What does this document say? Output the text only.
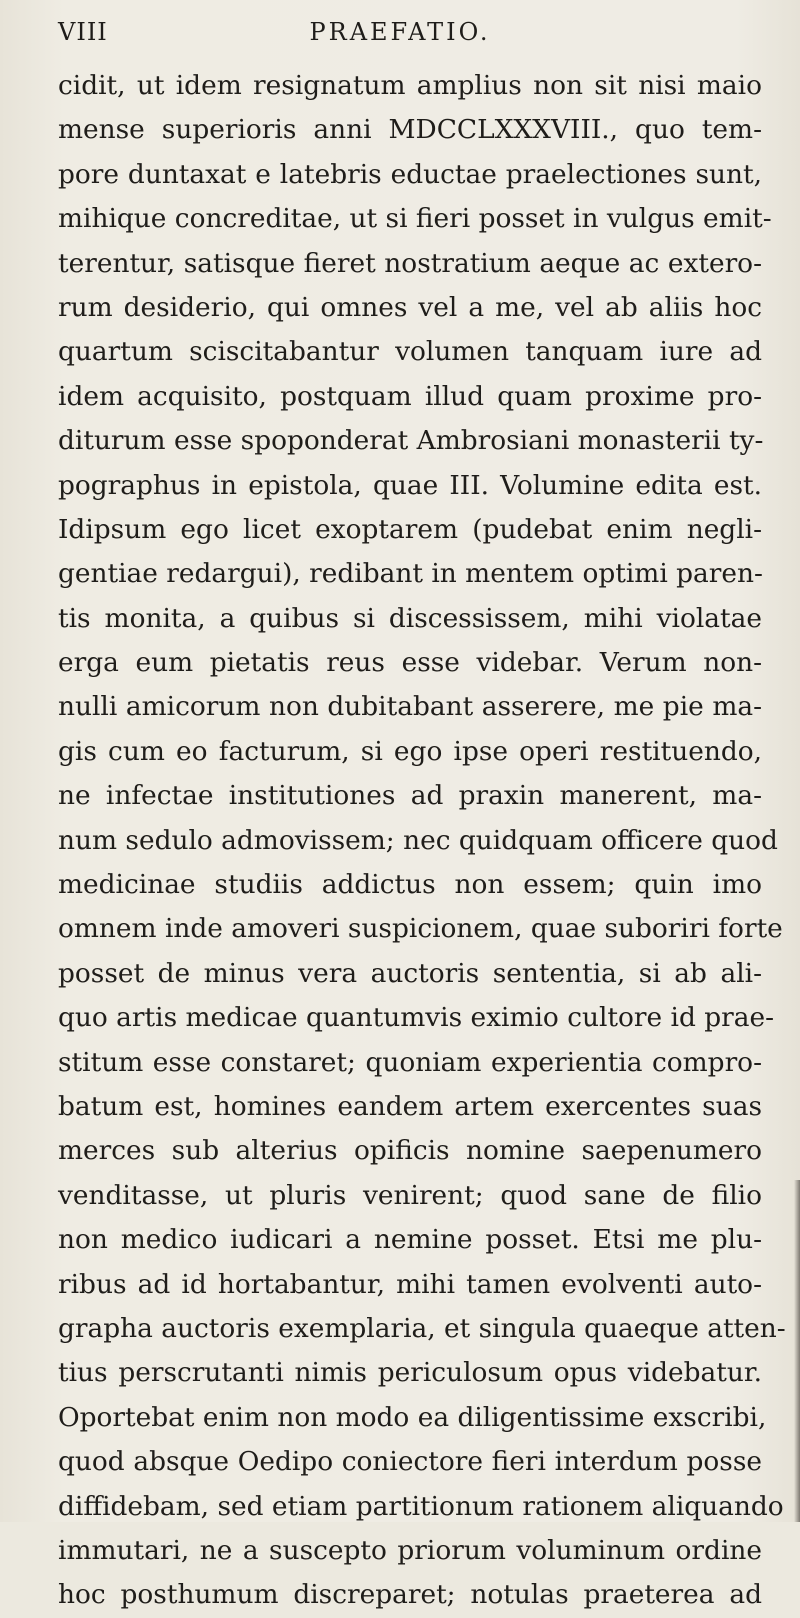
VIII	PRAEFATIO.
cidit, ut idem resignatum amplius non sit nisi maio
mense superioris anni MDCCLXXXVIII., quo tem-
pore duntaxat e latebris eductae praelectiones sunt,
mihique concreditae, ut si fieri posset in vulgus emit-
terentur, satisque fieret nostratium aeque ac extero-
rum desiderio, qui omnes vel a me, vel ab aliis hoc
quartum sciscitabantur volumen tanquam iure ad
idem acquisito, postquam illud quam proxime pro-
diturum esse spoponderat Ambrosiani monasterii ty-
pographus in epistola, quae III. Volumine edita est.
Idipsum ego licet exoptarem (pudebat enim negli-
gentiae redargui), redibant in mentem optimi paren-
tis monita, a quibus si discessissem, mihi violatae
erga eum pietatis reus esse videbar. Verum non-
nulli amicorum non dubitabant asserere, me pie ma-
gis cum eo facturum, si ego ipse operi restituendo,
ne infectae institutiones ad praxin manerent, ma-
num sedulo admovissem; nec quidquam officere quod
medicinae studiis addictus non essem; quin imo
omnem inde amoveri suspicionem, quae suboriri forte
posset de minus vera auctoris sententia, si ab ali-
quo artis medicae quantumvis eximio cultore id prae-
stitum esse constaret; quoniam experientia compro-
batum est, homines eandem artem exercentes suas
merces sub alterius opificis nomine saepenumero
venditasse, ut pluris venirent; quod sane de filio
non medico iudicari a nemine posset. Etsi me plu-
ribus ad id hortabantur, mihi tamen evolventi auto-
grapha auctoris exemplaria, et singula quaeque atten-
tius perscrutanti nimis periculosum opus videbatur.
Oportebat enim non modo ea diligentissime exscribi,
quod absque Oedipo coniectore fieri interdum posse
diffidebam, sed etiam partitionum rationem aliquando
immutari, ne a suscepto priorum voluminum ordine
hoc posthumum discreparet; notulas praeterea ad
